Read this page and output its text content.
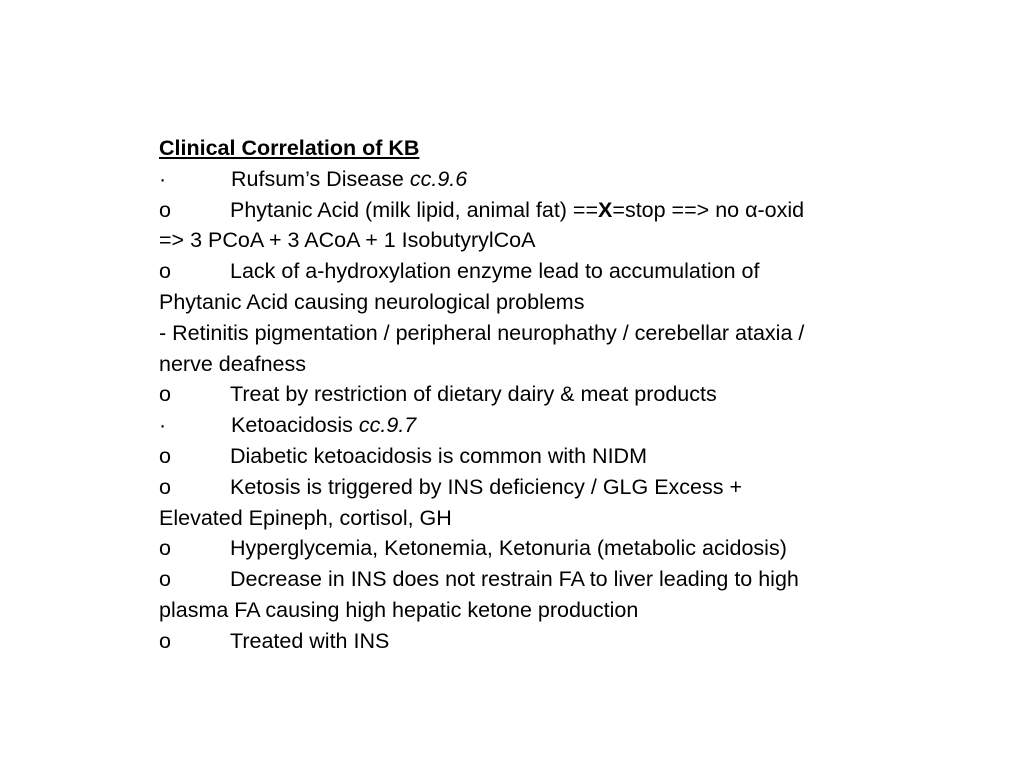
Clinical Correlation of KB
·	Rufsum’s Disease cc.9.6
o	Phytanic Acid (milk lipid, animal fat) ==X=stop ==> no α-oxid
=> 3 PCoA + 3 ACoA + 1 IsobutyrylCoA
o	Lack of a-hydroxylation enzyme lead to accumulation of
Phytanic Acid causing neurological problems
- Retinitis pigmentation / peripheral neurophathy / cerebellar ataxia /
nerve deafness
o	Treat by restriction of dietary dairy & meat products
·	Ketoacidosis cc.9.7
o	Diabetic ketoacidosis is common with NIDM
o	Ketosis is triggered by INS deficiency / GLG Excess +
Elevated Epineph, cortisol, GH
o	Hyperglycemia, Ketonemia, Ketonuria (metabolic acidosis)
o	Decrease in INS does not restrain FA to liver leading to high
plasma FA causing high hepatic ketone production
o	Treated with INS
